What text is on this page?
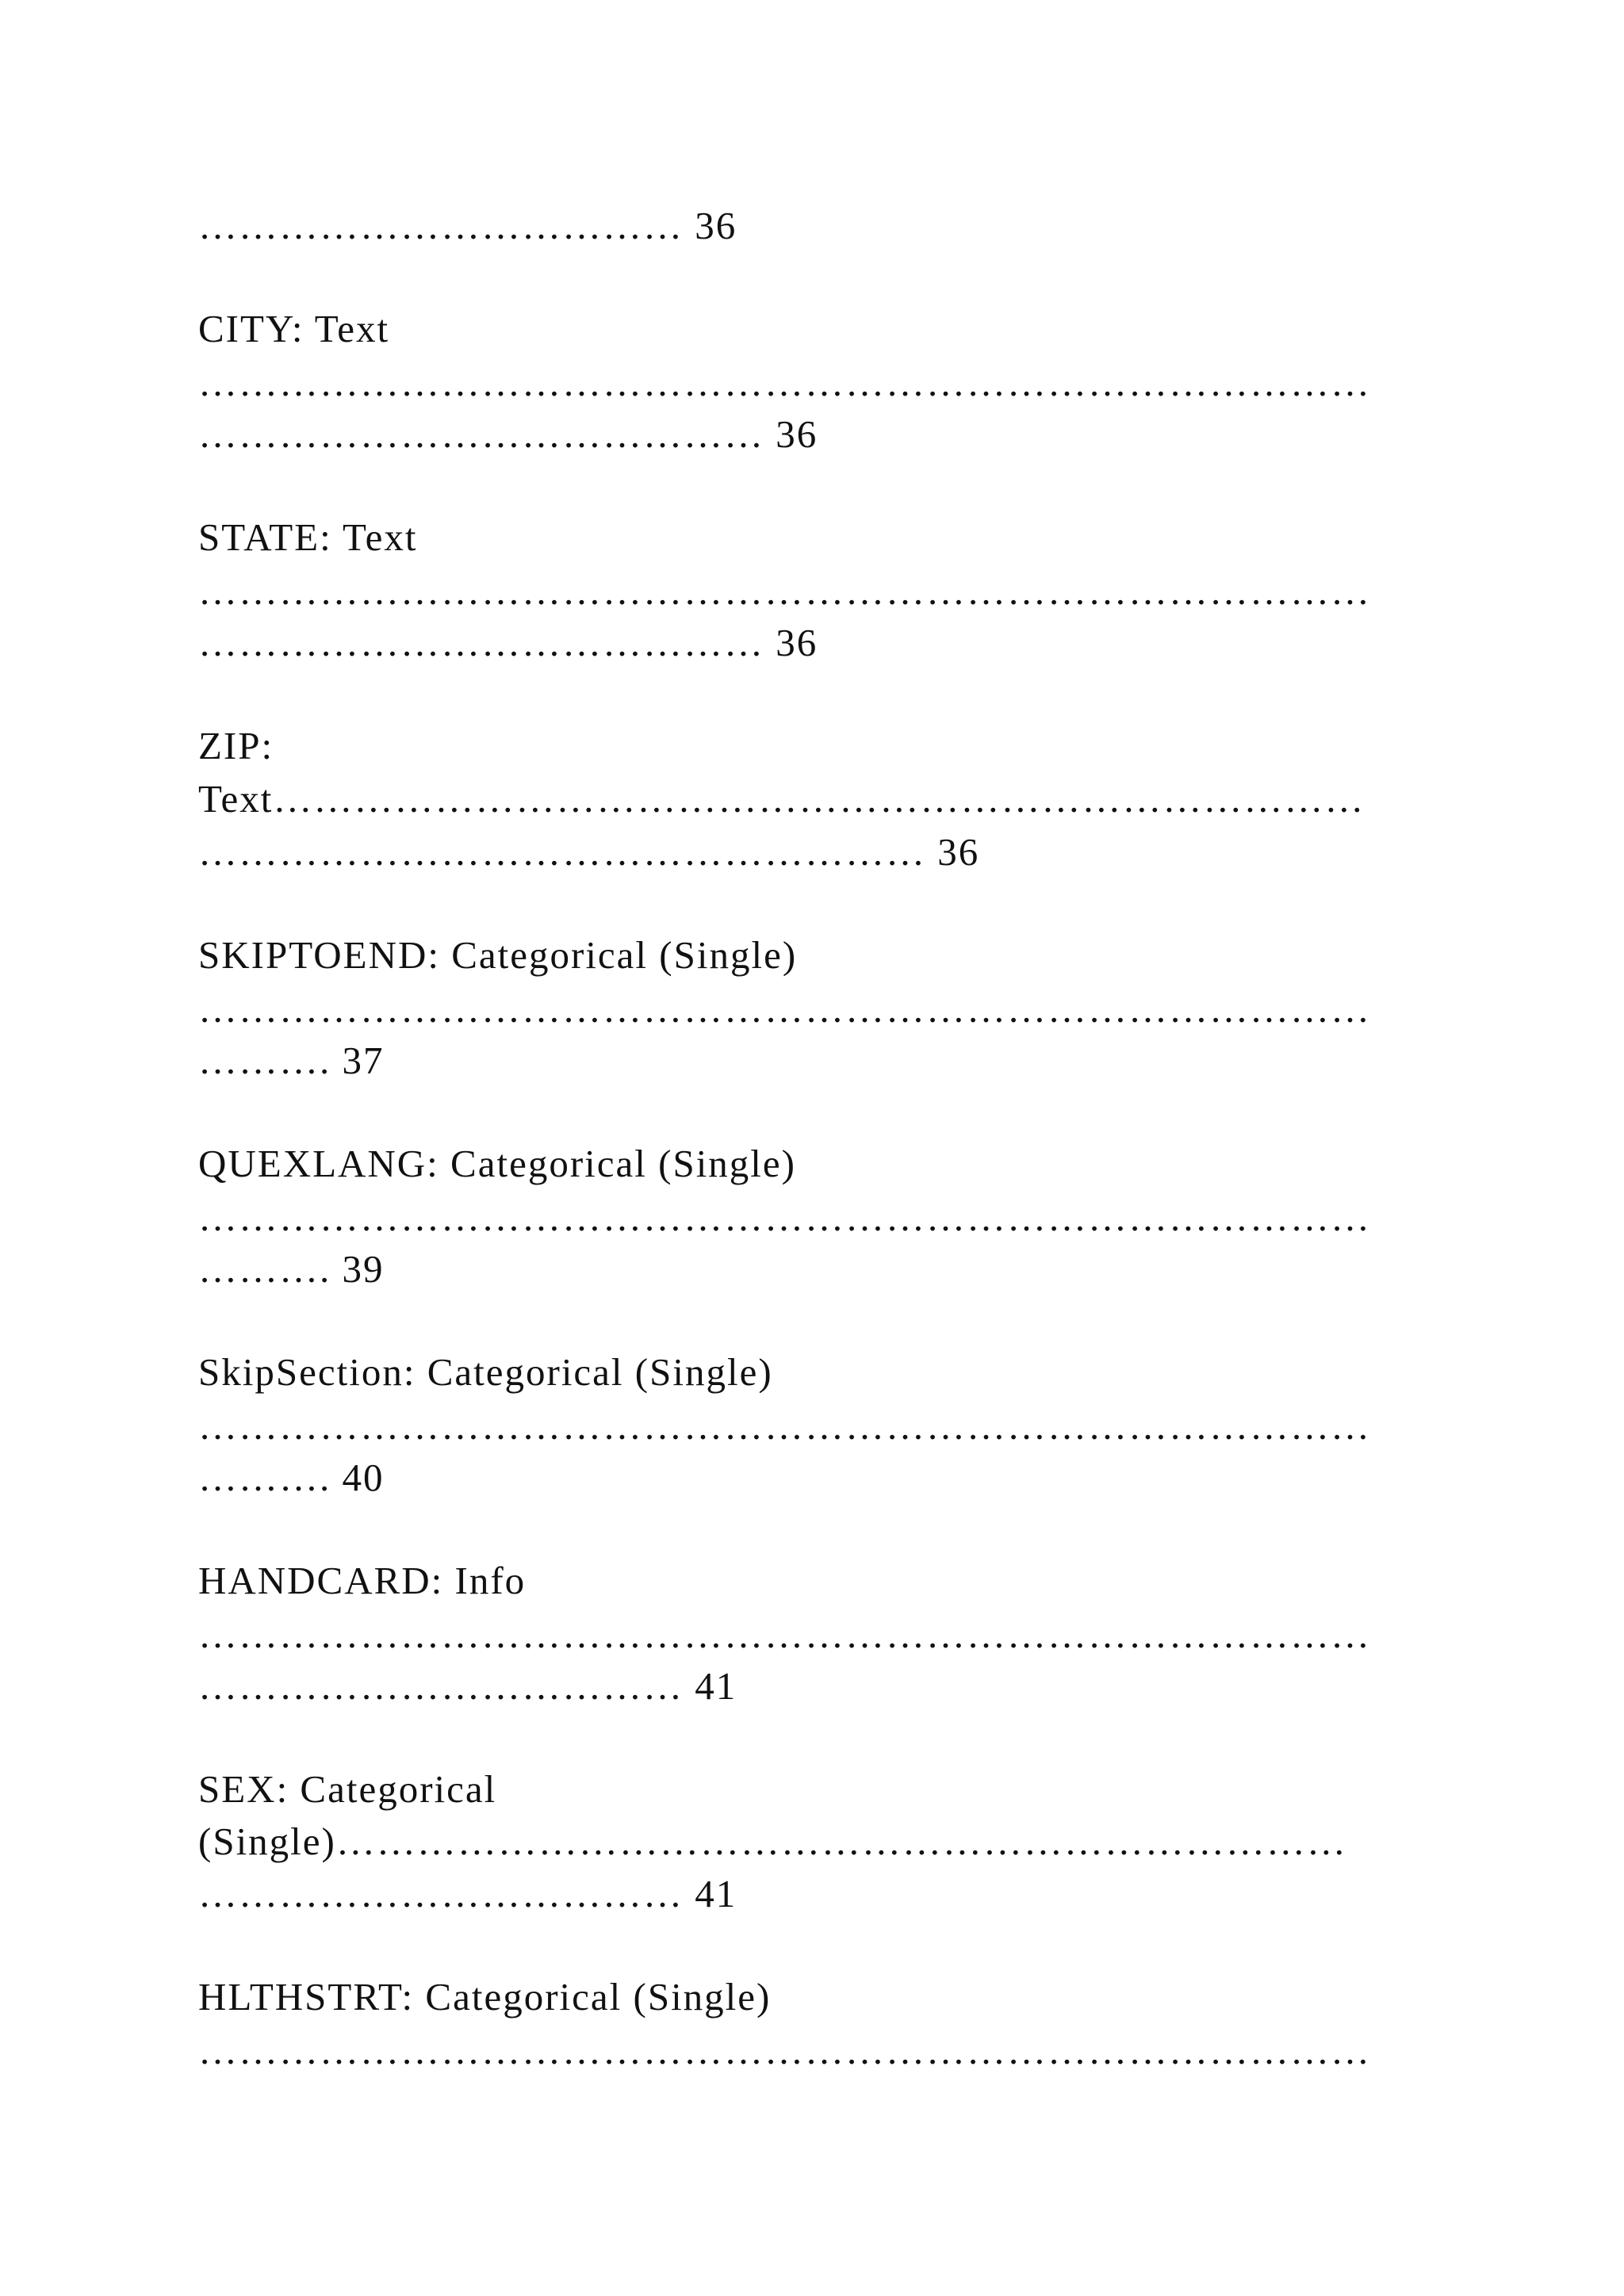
……………………………… 36

CITY: Text

……………………………………………………………………………

…………………………………… 36

STATE: Text

……………………………………………………………………………

…………………………………… 36

ZIP:

Text………………………………………………………………………

……………………………………………… 36

SKIPTOEND: Categorical (Single)

……………………………………………………………………………

………. 37

QUEXLANG: Categorical (Single)

……………………………………………………………………………

………. 39

SkipSection: Categorical (Single)

……………………………………………………………………………

………. 40

HANDCARD: Info

……………………………………………………………………………

……………………………… 41

SEX: Categorical

(Single)…………………………………………………………………

……………………………… 41

HLTHSTRT: Categorical (Single)

……………………………………………………………………………
